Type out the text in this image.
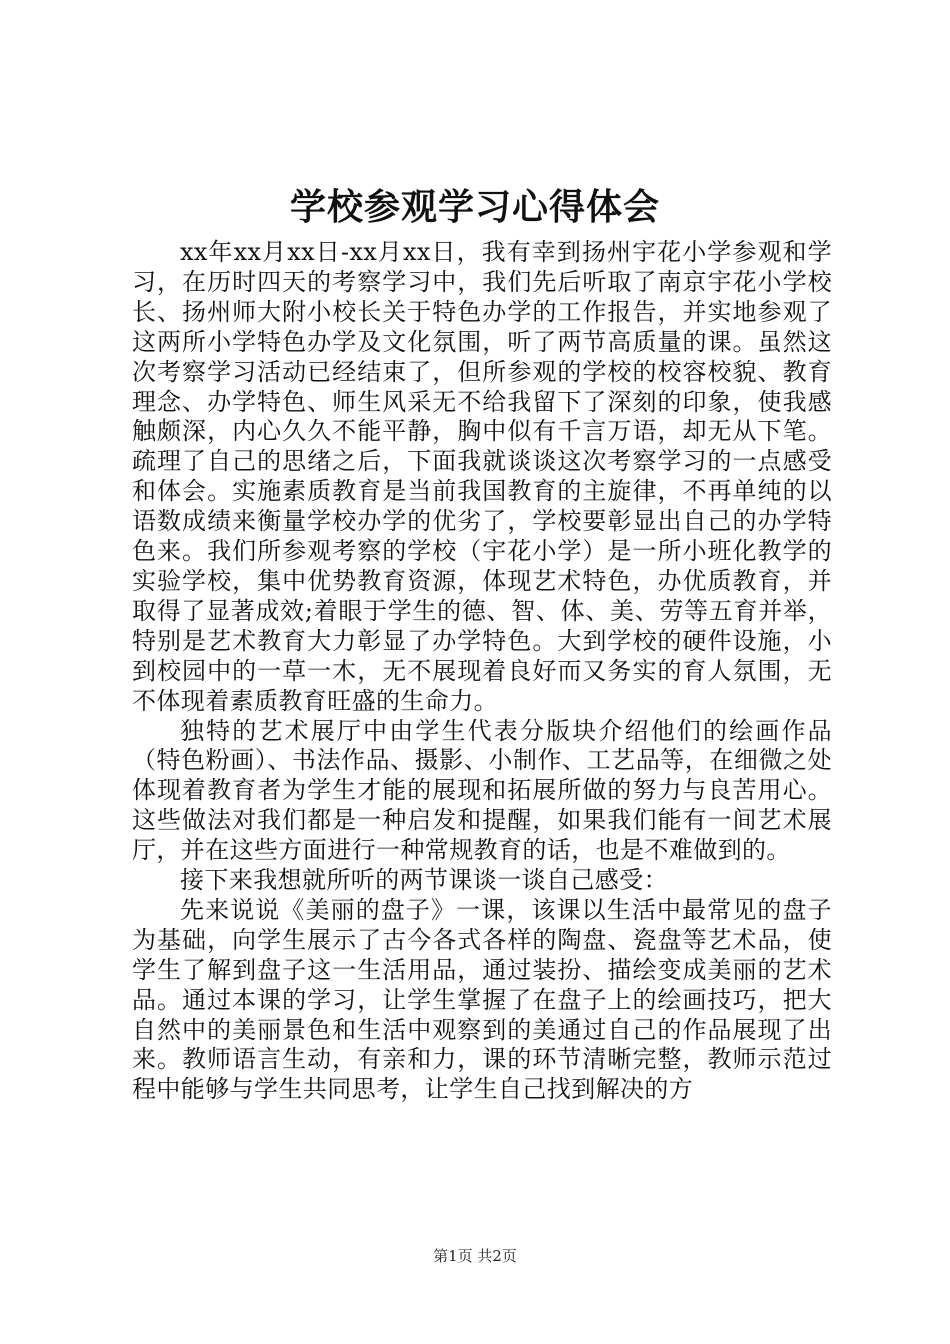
学校参观学习心得体会

xx年xx月xx日-xx月xx日，我有幸到扬州宇花小学参观和学习，在历时四天的考察学习中，我们先后听取了南京宇花小学校长、扬州师大附小校长关于特色办学的工作报告，并实地参观了这两所小学特色办学及文化氛围，听了两节高质量的课。虽然这次考察学习活动已经结束了，但所参观的学校的校容校貌、教育理念、办学特色、师生风采无不给我留下了深刻的印象，使我感触颇深，内心久久不能平静，胸中似有千言万语，却无从下笔。疏理了自己的思绪之后，下面我就谈谈这次考察学习的一点感受和体会。实施素质教育是当前我国教育的主旋律，不再单纯的以语数成绩来衡量学校办学的优劣了，学校要彰显出自己的办学特色来。我们所参观考察的学校（宇花小学）是一所小班化教学的实验学校，集中优势教育资源，体现艺术特色，办优质教育，并取得了显著成效;着眼于学生的德、智、体、美、劳等五育并举，特别是艺术教育大力彰显了办学特色。大到学校的硬件设施，小到校园中的一草一木，无不展现着良好而又务实的育人氛围，无不体现着素质教育旺盛的生命力。

独特的艺术展厅中由学生代表分版块介绍他们的绘画作品（特色粉画）、书法作品、摄影、小制作、工艺品等，在细微之处体现着教育者为学生才能的展现和拓展所做的努力与良苦用心。这些做法对我们都是一种启发和提醒，如果我们能有一间艺术展厅，并在这些方面进行一种常规教育的话，也是不难做到的。

接下来我想就所听的两节课谈一谈自己感受：

先来说说《美丽的盘子》一课，该课以生活中最常见的盘子为基础，向学生展示了古今各式各样的陶盘、瓷盘等艺术品，使学生了解到盘子这一生活用品，通过装扮、描绘变成美丽的艺术品。通过本课的学习，让学生掌握了在盘子上的绘画技巧，把大自然中的美丽景色和生活中观察到的美通过自己的作品展现了出来。教师语言生动，有亲和力，课的环节清晰完整，教师示范过程中能够与学生共同思考，让学生自己找到解决的方

第1页 共2页
